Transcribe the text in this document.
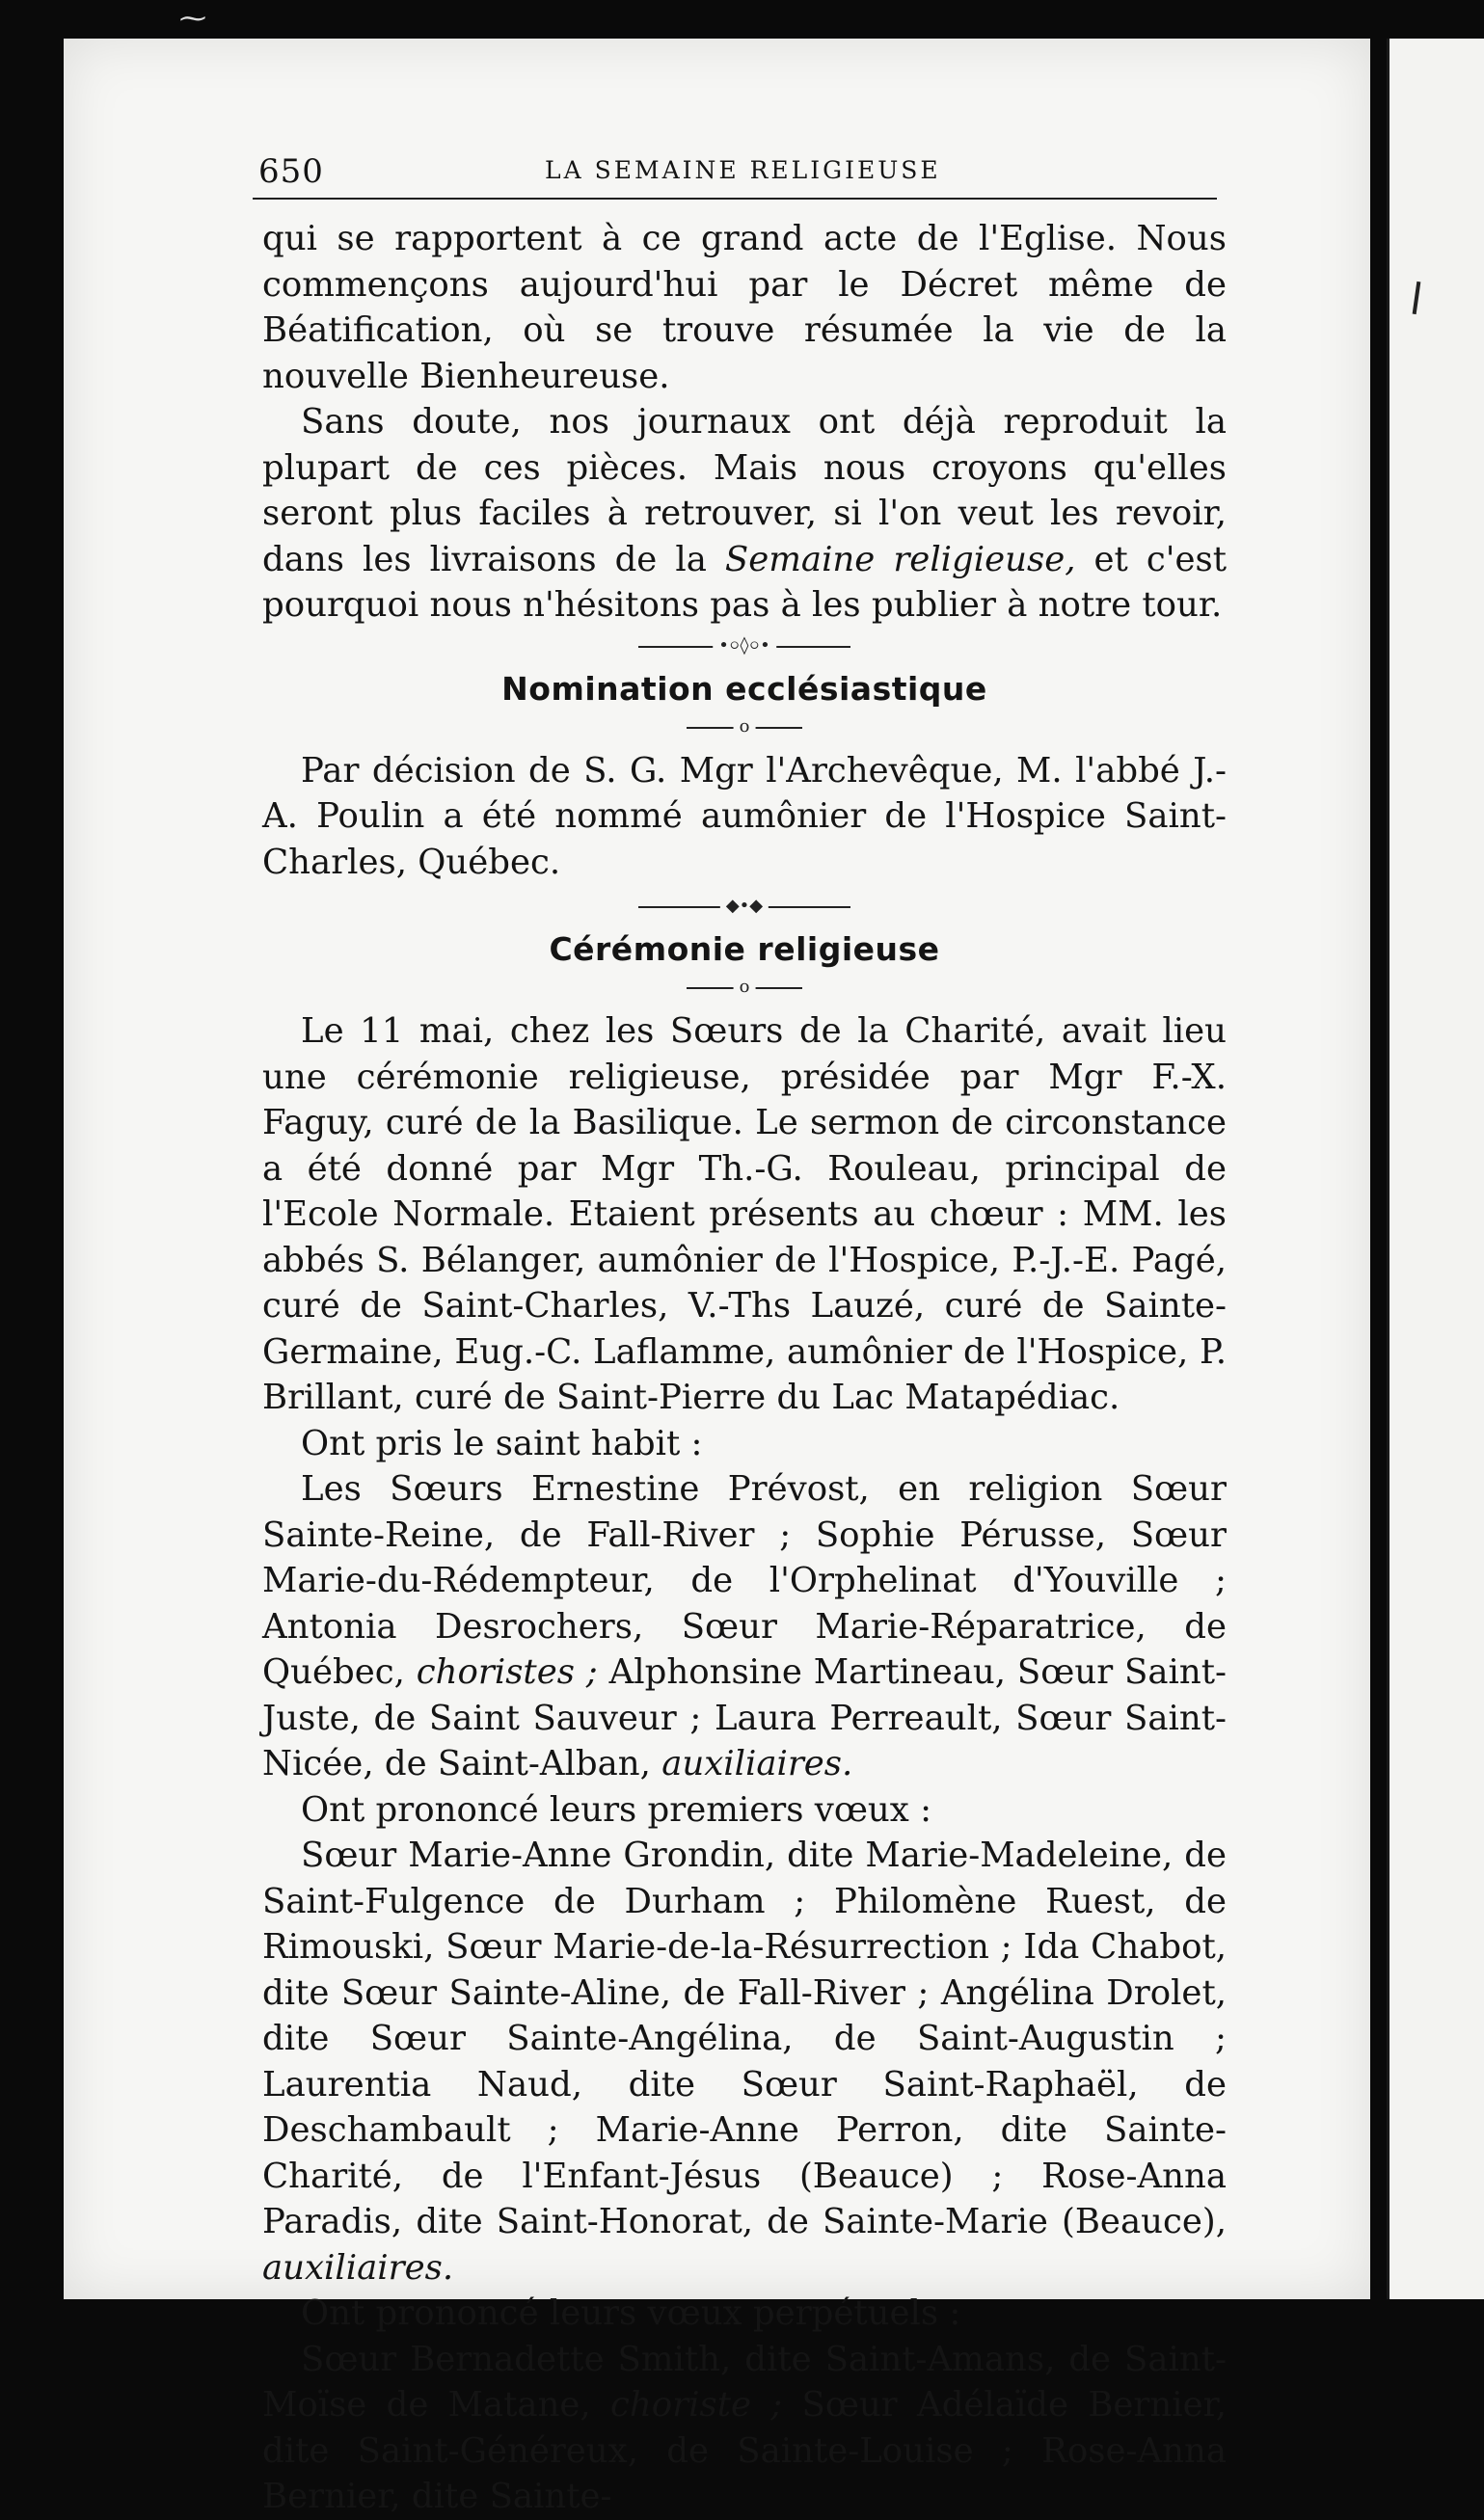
⁓
650	LA SEMAINE RELIGIEUSE

qui se rapportent à ce grand acte de l'Eglise. Nous commençons aujourd'hui par le Décret même de Béatification, où se trouve résumée la vie de la nouvelle Bienheureuse.

Sans doute, nos journaux ont déjà reproduit la plupart de ces pièces. Mais nous croyons qu'elles seront plus faciles à retrouver, si l'on veut les revoir, dans les livraisons de la Semaine religieuse, et c'est pourquoi nous n'hésitons pas à les publier à notre tour.

•০◊০•
Nomination ecclésiastique
o

Par décision de S. G. Mgr l'Archevêque, M. l'abbé J.-A. Poulin a été nommé aumônier de l'Hospice Saint-Charles, Québec.

◆•◆
Cérémonie religieuse
o

Le 11 mai, chez les Sœurs de la Charité, avait lieu une cérémonie religieuse, présidée par Mgr F.-X. Faguy, curé de la Basilique. Le sermon de circonstance a été donné par Mgr Th.-G. Rouleau, principal de l'Ecole Normale. Etaient présents au chœur : MM. les abbés S. Bélanger, aumônier de l'Hospice, P.-J.-E. Pagé, curé de Saint-Charles, V.-Ths Lauzé, curé de Sainte-Germaine, Eug.-C. Laflamme, aumônier de l'Hospice, P. Brillant, curé de Saint-Pierre du Lac Matapédiac.

Ont pris le saint habit :

Les Sœurs Ernestine Prévost, en religion Sœur Sainte-Reine, de Fall-River ; Sophie Pérusse, Sœur Marie-du-Rédempteur, de l'Orphelinat d'Youville ; Antonia Desrochers, Sœur Marie-Réparatrice, de Québec, choristes ; Alphonsine Martineau, Sœur Saint-Juste, de Saint Sauveur ; Laura Perreault, Sœur Saint-Nicée, de Saint-Alban, auxiliaires.

Ont prononcé leurs premiers vœux :

Sœur Marie-Anne Grondin, dite Marie-Madeleine, de Saint-Fulgence de Durham ; Philomène Ruest, de Rimouski, Sœur Marie-de-la-Résurrection ; Ida Chabot, dite Sœur Sainte-Aline, de Fall-River ; Angélina Drolet, dite Sœur Sainte-Angélina, de Saint-Augustin ; Laurentia Naud, dite Sœur Saint-Raphaël, de Deschambault ; Marie-Anne Perron, dite Sainte-Charité, de l'Enfant-Jésus (Beauce) ; Rose-Anna Paradis, dite Saint-Honorat, de Sainte-Marie (Beauce), auxiliaires.

Ont prononcé leurs vœux perpétuels :

Sœur Bernadette Smith, dite Saint-Amans, de Saint-Moïse de Matane, choriste ; Sœur Adélaïde Bernier, dite Saint-Généreux, de Sainte-Louise ; Rose-Anna Bernier, dite Sainte-
